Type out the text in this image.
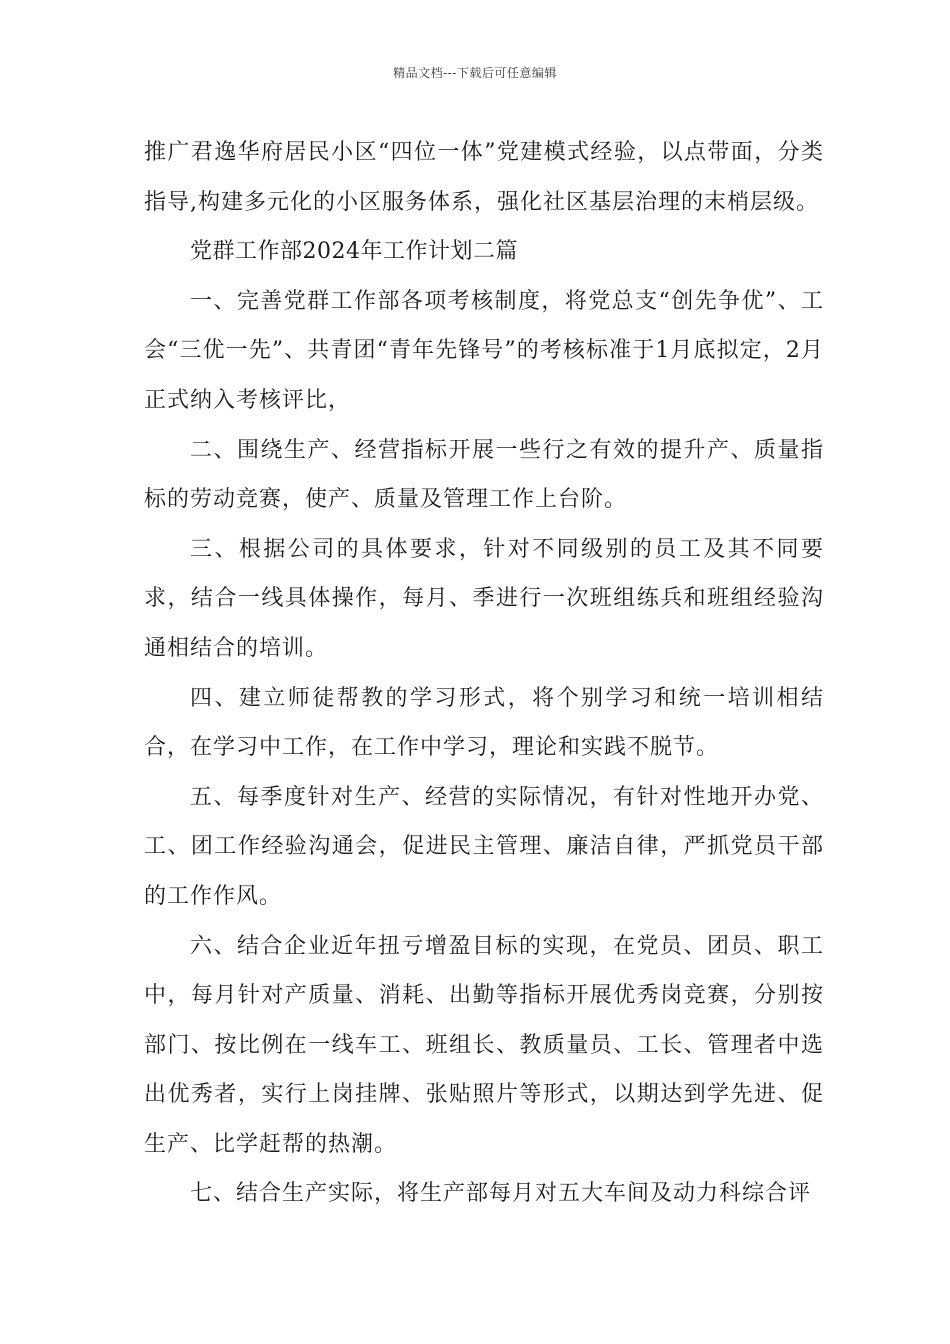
精品文档---下载后可任意编辑

推广君逸华府居民小区“四位一体”党建模式经验，以点带面，分类指导,构建多元化的小区服务体系，强化社区基层治理的末梢层级。

党群工作部2024年工作计划二篇

一、完善党群工作部各项考核制度，将党总支“创先争优”、工会“三优一先”、共青团“青年先锋号”的考核标准于1月底拟定，2月正式纳入考核评比，

二、围绕生产、经营指标开展一些行之有效的提升产、质量指标的劳动竞赛，使产、质量及管理工作上台阶。

三、根据公司的具体要求，针对不同级别的员工及其不同要求，结合一线具体操作，每月、季进行一次班组练兵和班组经验沟通相结合的培训。

四、建立师徒帮教的学习形式，将个别学习和统一培训相结合，在学习中工作，在工作中学习，理论和实践不脱节。

五、每季度针对生产、经营的实际情况，有针对性地开办党、工、团工作经验沟通会，促进民主管理、廉洁自律，严抓党员干部的工作作风。

六、结合企业近年扭亏增盈目标的实现，在党员、团员、职工中，每月针对产质量、消耗、出勤等指标开展优秀岗竞赛，分别按部门、按比例在一线车工、班组长、教质量员、工长、管理者中选出优秀者，实行上岗挂牌、张贴照片等形式，以期达到学先进、促生产、比学赶帮的热潮。

七、结合生产实际，将生产部每月对五大车间及动力科综合评
